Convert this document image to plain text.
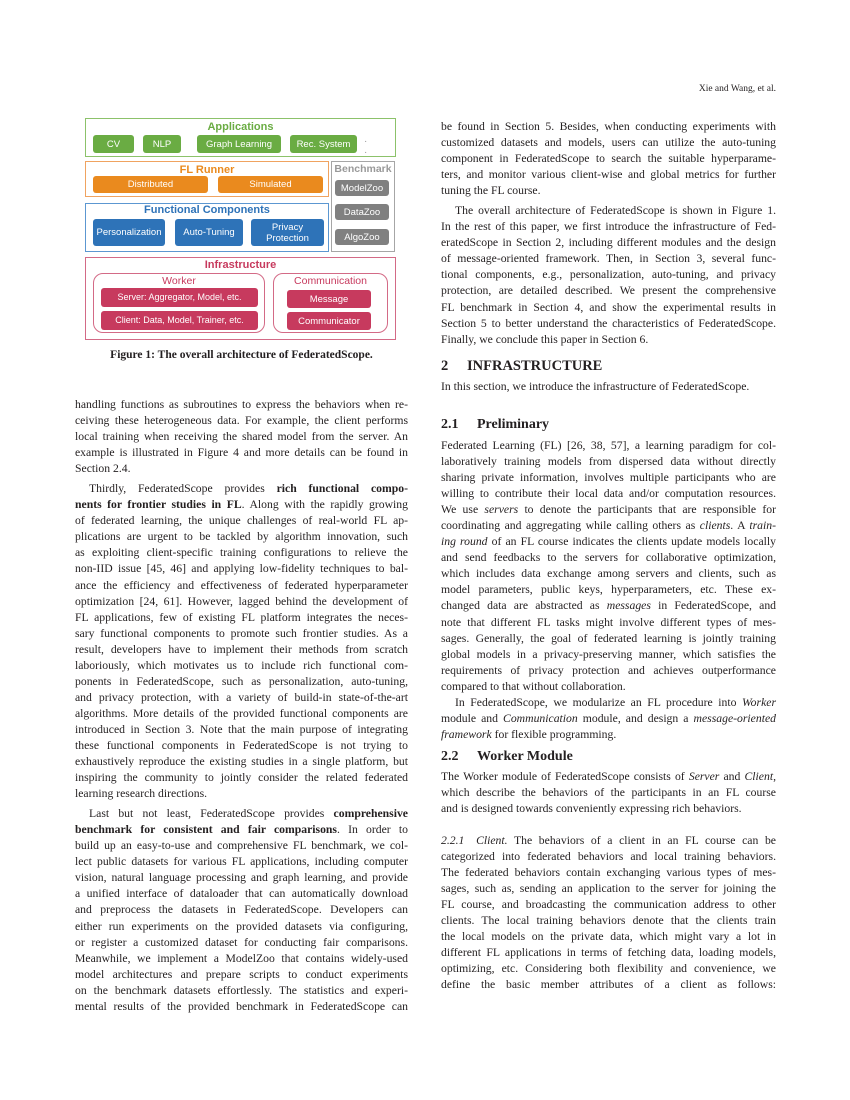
Xie and Wang, et al.
Applications
CV	NLP	Graph Learning	Rec. System	· ·
FL Runner
Distributed	Simulated
Benchmark
ModelZoo
DataZoo
AlgoZoo
Functional Components
Personalization	Auto-Tuning	Privacy Protection
Infrastructure
Worker
Server: Aggregator, Model, etc.
Client: Data, Model, Trainer, etc.
Communication
Message
Communicator
Figure 1: The overall architecture of FederatedScope.
handling functions as subroutines to express the behaviors when re-
ceiving these heterogeneous data. For example, the client performs
local training when receiving the shared model from the server. An
example is illustrated in Figure 4 and more details can be found in
Section 2.4.
Thirdly, FederatedScope provides rich functional compo-
nents for frontier studies in FL. Along with the rapidly growing
of federated learning, the unique challenges of real-world FL ap-
plications are urgent to be tackled by algorithm innovation, such
as exploiting client-specific training configurations to relieve the
non-IID issue [45, 46] and applying low-fidelity techniques to bal-
ance the efficiency and effectiveness of federated hyperparameter
optimization [24, 61]. However, lagged behind the development of
FL applications, few of existing FL platform integrates the neces-
sary functional components to promote such frontier studies. As a
result, developers have to implement their methods from scratch
laboriously, which motivates us to include rich functional com-
ponents in FederatedScope, such as personalization, auto-tuning,
and privacy protection, with a variety of build-in state-of-the-art
algorithms. More details of the provided functional components are
introduced in Section 3. Note that the main purpose of integrating
these functional components in FederatedScope is not trying to
exhaustively reproduce the existing studies in a single platform, but
inspiring the community to jointly consider the related federated
learning research directions.
Last but not least, FederatedScope provides comprehensive
benchmark for consistent and fair comparisons. In order to
build up an easy-to-use and comprehensive FL benchmark, we col-
lect public datasets for various FL applications, including computer
vision, natural language processing and graph learning, and provide
a unified interface of dataloader that can automatically download
and preprocess the datasets in FederatedScope. Developers can
either run experiments on the provided datasets via configuring,
or register a customized dataset for conducting fair comparisons.
Meanwhile, we implement a ModelZoo that contains widely-used
model architectures and prepare scripts to conduct experiments
on the benchmark datasets effortlessly. The statistics and experi-
mental results of the provided benchmark in FederatedScope can
be found in Section 5. Besides, when conducting experiments with
customized datasets and models, users can utilize the auto-tuning
component in FederatedScope to search the suitable hyperparame-
ters, and monitor various client-wise and global metrics for further
tuning the FL course.
The overall architecture of FederatedScope is shown in Figure 1.
In the rest of this paper, we first introduce the infrastructure of Fed-
eratedScope in Section 2, including different modules and the design
of message-oriented framework. Then, in Section 3, several func-
tional components, e.g., personalization, auto-tuning, and privacy
protection, are detailed described. We present the comprehensive
FL benchmark in Section 4, and show the experimental results in
Section 5 to better understand the characteristics of FederatedScope.
Finally, we conclude this paper in Section 6.
2 INFRASTRUCTURE
In this section, we introduce the infrastructure of FederatedScope.
2.1 Preliminary
Federated Learning (FL) [26, 38, 57], a learning paradigm for col-
laboratively training models from dispersed data without directly
sharing private information, involves multiple participants who are
willing to contribute their local data and/or computation resources.
We use servers to denote the participants that are responsible for
coordinating and aggregating while calling others as clients. A train-
ing round of an FL course indicates the clients update models locally
and send feedbacks to the servers for collaborative optimization,
which includes data exchange among servers and clients, such as
model parameters, public keys, hyperparameters, etc. These ex-
changed data are abstracted as messages in FederatedScope, and
note that different FL tasks might involve different types of mes-
sages. Generally, the goal of federated learning is jointly training
global models in a privacy-preserving manner, which satisfies the
requirements of privacy protection and achieves outperformance
compared to that without collaboration.
In FederatedScope, we modularize an FL procedure into Worker
module and Communication module, and design a message-oriented
framework for flexible programming.
2.2 Worker Module
The Worker module of FederatedScope consists of Server and Client,
which describe the behaviors of the participants in an FL course
and is designed towards conveniently expressing rich behaviors.
2.2.1 Client. The behaviors of a client in an FL course can be
categorized into federated behaviors and local training behaviors.
The federated behaviors contain exchanging various types of mes-
sages, such as, sending an application to the server for joining the
FL course, and broadcasting the communication address to other
clients. The local training behaviors denote that the clients train
the local models on the private data, which might vary a lot in
different FL applications in terms of fetching data, loading models,
optimizing, etc. Considering both flexibility and convenience, we
define the basic member attributes of a client as follows:
